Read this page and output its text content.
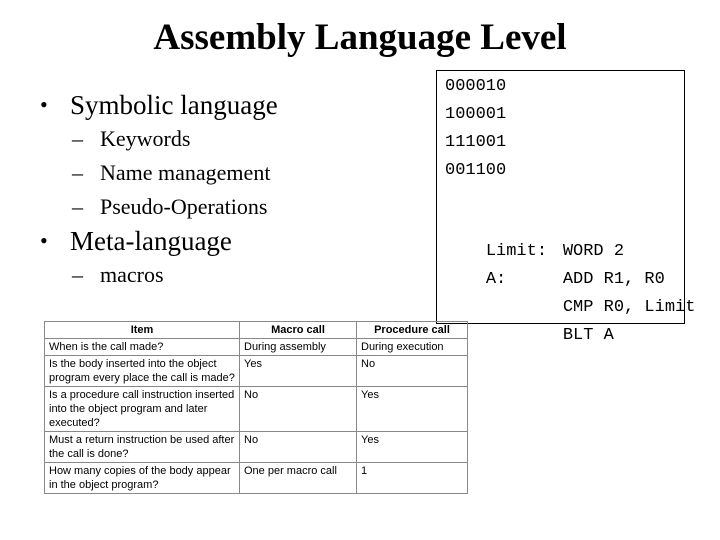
Assembly Language Level
• Symbolic language
– Keywords
– Name management
– Pseudo-Operations
• Meta-language
– macros
000010
100001
111001
001100

Limit: WORD 2

A:	ADD R1, R0

CMP R0, Limit

BLT A

Item	Macro call	Procedure call
When is the call made?	During assembly	During execution
Is the body inserted into the object program every place the call is made?	Yes	No
Is a procedure call instruction inserted into the object program and later executed?	No	Yes
Must a return instruction be used after the call is done?	No	Yes
How many copies of the body appear in the object program?	One per macro call	1
